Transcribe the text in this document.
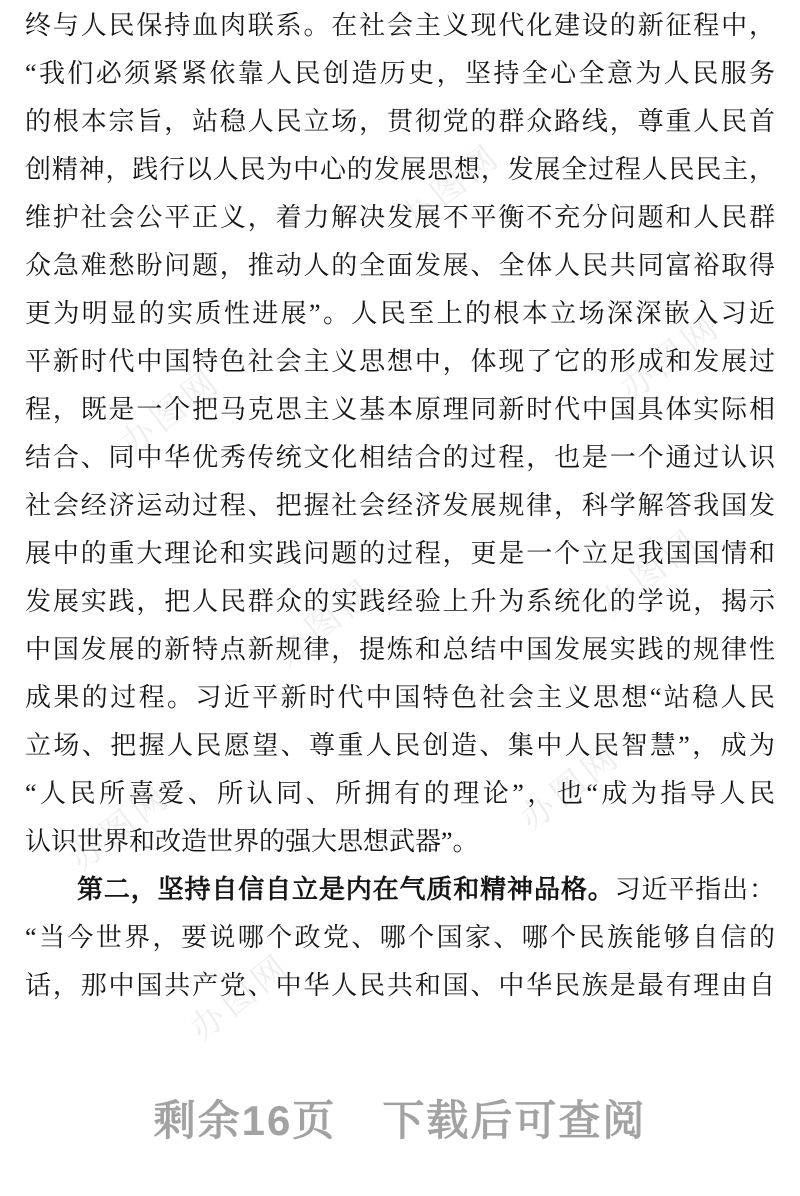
办图网
办图网
办图网	办图网
办图网
办图网
办图网
办图网
终与人民保持血肉联系。在社会主义现代化建设的新征程中，
“我们必须紧紧依靠人民创造历史，坚持全心全意为人民服务
的根本宗旨，站稳人民立场，贯彻党的群众路线，尊重人民首
创精神，践行以人民为中心的发展思想，发展全过程人民民主，
维护社会公平正义，着力解决发展不平衡不充分问题和人民群
众急难愁盼问题，推动人的全面发展、全体人民共同富裕取得
更为明显的实质性进展”。人民至上的根本立场深深嵌入习近
平新时代中国特色社会主义思想中，体现了它的形成和发展过
程，既是一个把马克思主义基本原理同新时代中国具体实际相
结合、同中华优秀传统文化相结合的过程，也是一个通过认识
社会经济运动过程、把握社会经济发展规律，科学解答我国发
展中的重大理论和实践问题的过程，更是一个立足我国国情和
发展实践，把人民群众的实践经验上升为系统化的学说，揭示
中国发展的新特点新规律，提炼和总结中国发展实践的规律性
成果的过程。习近平新时代中国特色社会主义思想“站稳人民
立场、把握人民愿望、尊重人民创造、集中人民智慧”，成为
“人民所喜爱、所认同、所拥有的理论”，也“成为指导人民
认识世界和改造世界的强大思想武器”。
第二，坚持自信自立是内在气质和精神品格。习近平指出：
“当今世界，要说哪个政党、哪个国家、哪个民族能够自信的
话，那中国共产党、中华人民共和国、中华民族是最有理由自
剩余16页 下载后可查阅
